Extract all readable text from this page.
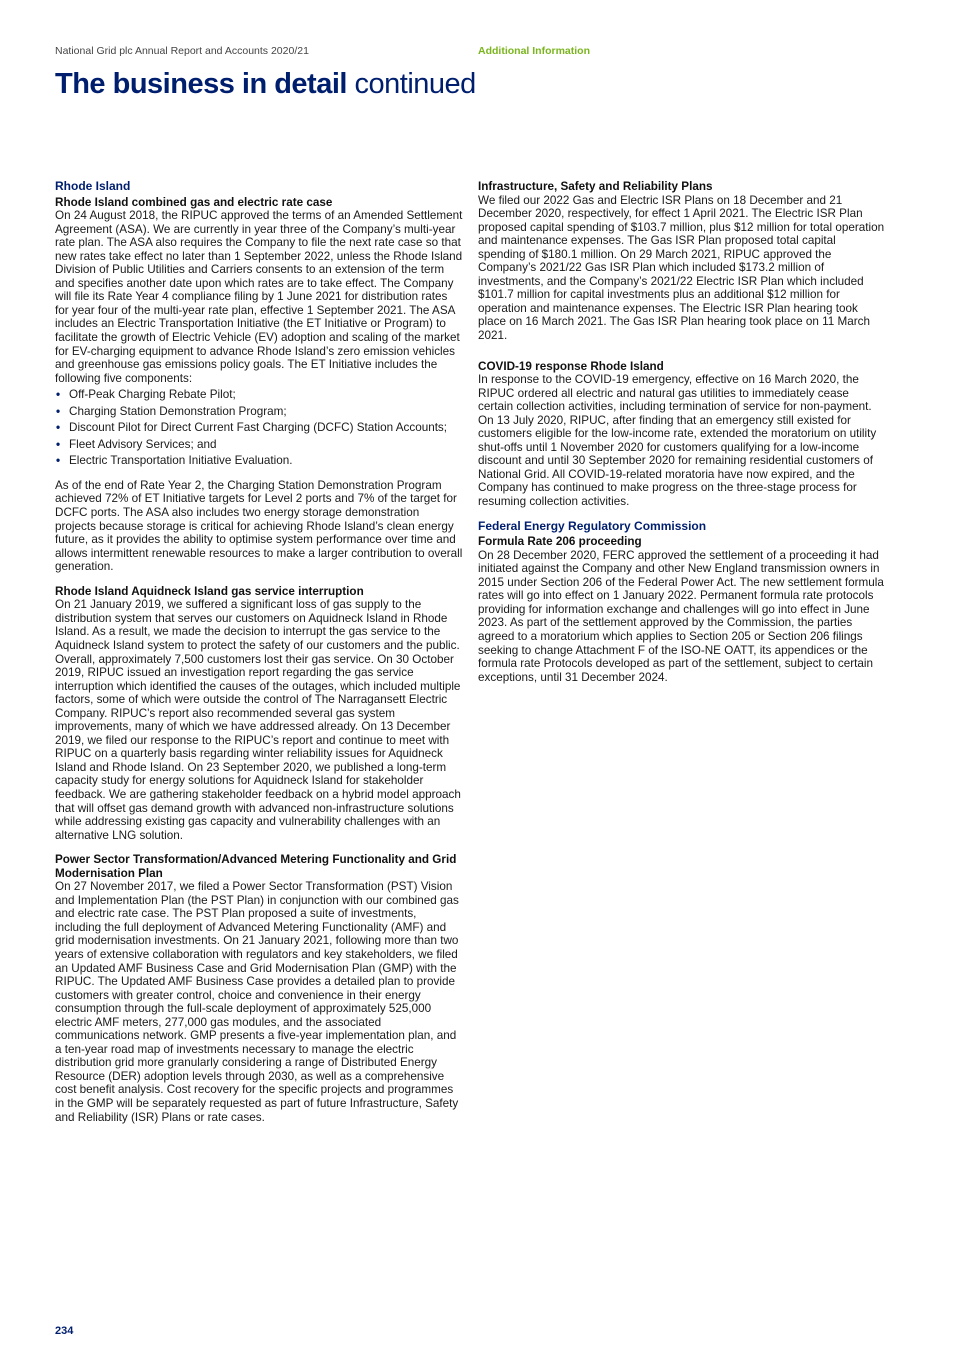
National Grid plc Annual Report and Accounts 2020/21	Additional Information
The business in detail continued
Rhode Island
Rhode Island combined gas and electric rate case

On 24 August 2018, the RIPUC approved the terms of an Amended Settlement Agreement (ASA). We are currently in year three of the Company’s multi-year rate plan. The ASA also requires the Company to file the next rate case so that new rates take effect no later than 1 September 2022, unless the Rhode Island Division of Public Utilities and Carriers consents to an extension of the term and specifies another date upon which rates are to take effect. The Company will file its Rate Year 4 compliance filing by 1 June 2021 for distribution rates for year four of the multi-year rate plan, effective 1 September 2021. The ASA includes an Electric Transportation Initiative (the ET Initiative or Program) to facilitate the growth of Electric Vehicle (EV) adoption and scaling of the market for EV-charging equipment to advance Rhode Island’s zero emission vehicles and greenhouse gas emissions policy goals. The ET Initiative includes the following five components:

• Off-Peak Charging Rebate Pilot;
• Charging Station Demonstration Program;
• Discount Pilot for Direct Current Fast Charging (DCFC) Station Accounts;
• Fleet Advisory Services; and
• Electric Transportation Initiative Evaluation.

As of the end of Rate Year 2, the Charging Station Demonstration Program achieved 72% of ET Initiative targets for Level 2 ports and 7% of the target for DCFC ports. The ASA also includes two energy storage demonstration projects because storage is critical for achieving Rhode Island’s clean energy future, as it provides the ability to optimise system performance over time and allows intermittent renewable resources to make a larger contribution to overall generation.

Rhode Island Aquidneck Island gas service interruption

On 21 January 2019, we suffered a significant loss of gas supply to the distribution system that serves our customers on Aquidneck Island in Rhode Island. As a result, we made the decision to interrupt the gas service to the Aquidneck Island system to protect the safety of our customers and the public. Overall, approximately 7,500 customers lost their gas service. On 30 October 2019, RIPUC issued an investigation report regarding the gas service interruption which identified the causes of the outages, which included multiple factors, some of which were outside the control of The Narragansett Electric Company. RIPUC’s report also recommended several gas system improvements, many of which we have addressed already. On 13 December 2019, we filed our response to the RIPUC’s report and continue to meet with RIPUC on a quarterly basis regarding winter reliability issues for Aquidneck Island and Rhode Island. On 23 September 2020, we published a long-term capacity study for energy solutions for Aquidneck Island for stakeholder feedback. We are gathering stakeholder feedback on a hybrid model approach that will offset gas demand growth with advanced non-infrastructure solutions while addressing existing gas capacity and vulnerability challenges with an alternative LNG solution.

Power Sector Transformation/Advanced Metering Functionality and Grid Modernisation Plan

On 27 November 2017, we filed a Power Sector Transformation (PST) Vision and Implementation Plan (the PST Plan) in conjunction with our combined gas and electric rate case. The PST Plan proposed a suite of investments, including the full deployment of Advanced Metering Functionality (AMF) and grid modernisation investments. On 21 January 2021, following more than two years of extensive collaboration with regulators and key stakeholders, we filed an Updated AMF Business Case and Grid Modernisation Plan (GMP) with the RIPUC. The Updated AMF Business Case provides a detailed plan to provide customers with greater control, choice and convenience in their energy consumption through the full-scale deployment of approximately 525,000 electric AMF meters, 277,000 gas modules, and the associated communications network. GMP presents a five-year implementation plan, and a ten-year road map of investments necessary to manage the electric distribution grid more granularly considering a range of Distributed Energy Resource (DER) adoption levels through 2030, as well as a comprehensive cost benefit analysis. Cost recovery for the specific projects and programmes in the GMP will be separately requested as part of future Infrastructure, Safety and Reliability (ISR) Plans or rate cases.

Infrastructure, Safety and Reliability Plans

We filed our 2022 Gas and Electric ISR Plans on 18 December and 21 December 2020, respectively, for effect 1 April 2021. The Electric ISR Plan proposed capital spending of $103.7 million, plus $12 million for total operation and maintenance expenses. The Gas ISR Plan proposed total capital spending of $180.1 million. On 29 March 2021, RIPUC approved the Company’s 2021/22 Gas ISR Plan which included $173.2 million of investments, and the Company’s 2021/22 Electric ISR Plan which included $101.7 million for capital investments plus an additional $12 million for operation and maintenance expenses. The Electric ISR Plan hearing took place on 16 March 2021. The Gas ISR Plan hearing took place on 11 March 2021.

COVID-19 response Rhode Island

In response to the COVID-19 emergency, effective on 16 March 2020, the RIPUC ordered all electric and natural gas utilities to immediately cease certain collection activities, including termination of service for non-payment. On 13 July 2020, RIPUC, after finding that an emergency still existed for customers eligible for the low-income rate, extended the moratorium on utility shut-offs until 1 November 2020 for customers qualifying for a low-income discount and until 30 September 2020 for remaining residential customers of National Grid. All COVID-19-related moratoria have now expired, and the Company has continued to make progress on the three-stage process for resuming collection activities.

Federal Energy Regulatory Commission
Formula Rate 206 proceeding

On 28 December 2020, FERC approved the settlement of a proceeding it had initiated against the Company and other New England transmission owners in 2015 under Section 206 of the Federal Power Act. The new settlement formula rates will go into effect on 1 January 2022. Permanent formula rate protocols providing for information exchange and challenges will go into effect in June 2023. As part of the settlement approved by the Commission, the parties agreed to a moratorium which applies to Section 205 or Section 206 filings seeking to change Attachment F of the ISO-NE OATT, its appendices or the formula rate Protocols developed as part of the settlement, subject to certain exceptions, until 31 December 2024.

234
